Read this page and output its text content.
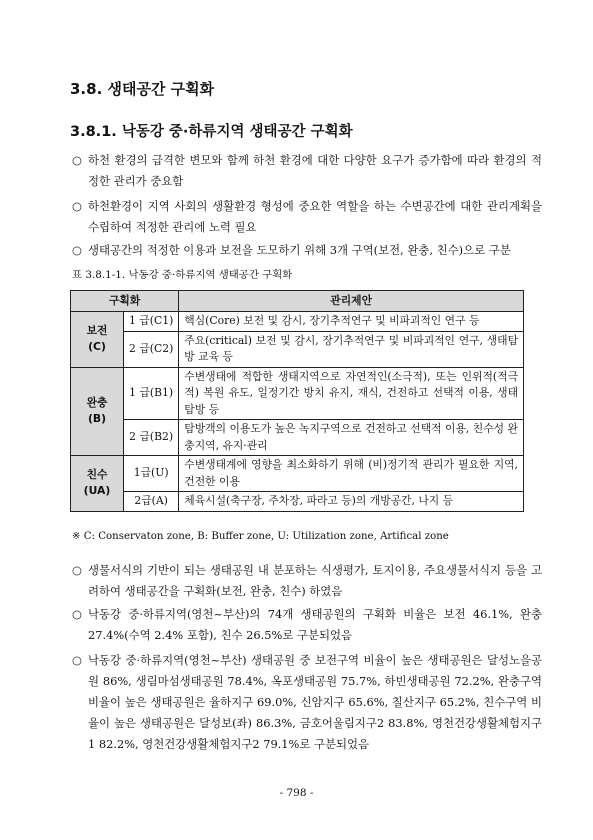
3.8. 생태공간 구획화
3.8.1. 낙동강 중·하류지역 생태공간 구획화
○ 하천 환경의 급격한 변모와 함께 하천 환경에 대한 다양한 요구가 증가함에 따라 환경의 적정한 관리가 중요함
○ 하천환경이 지역 사회의 생활환경 형성에 중요한 역할을 하는 수변공간에 대한 관리계획을 수립하여 적정한 관리에 노력 필요
○ 생태공간의 적정한 이용과 보전을 도모하기 위해 3개 구역(보전, 완충, 친수)으로 구분
표 3.8.1-1. 낙동강 중·하류지역 생태공간 구획화
구획화		관리제안

보전
(C)	1 급(C1)	핵심(Core) 보전 및 감시, 장기추적연구 및 비파괴적인 연구 등
	2 급(C2)	주요(critical) 보전 및 감시, 장기추적연구 및 비파괴적인 연구, 생태탐방 교육 등

완충
(B)	1 급(B1)	수변생태에 적합한 생태지역으로 자연적인(소극적), 또는 인위적(적극적) 복원 유도, 일정기간 방치 유지, 재식, 건전하고 선택적 이용, 생태탐방 등
	2 급(B2)	탐방객의 이용도가 높은 녹지구역으로 건전하고 선택적 이용, 친수성 완충지역, 유지·관리

친수
(UA)	1급(U)	수변생태계에 영향을 최소화하기 위해 (비)정기적 관리가 필요한 지역, 건전한 이용
	2급(A)	체육시설(축구장, 주차장, 파라고 등)의 개방공간, 나지 등
※ C: Conservaton zone, B: Buffer zone, U: Utilization zone, Artifical zone
○ 생물서식의 기반이 되는 생태공원 내 분포하는 식생평가, 토지이용, 주요생물서식지 등을 고려하여 생태공간을 구획화(보전, 완충, 친수) 하였음
○ 낙동강 중·하류지역(영천~부산)의 74개 생태공원의 구획화 비율은 보전 46.1%, 완충 27.4%(수역 2.4% 포함), 친수 26.5%로 구분되었음
○ 낙동강 중·하류지역(영천~부산) 생태공원 중 보전구역 비율이 높은 생태공원은 달성노을공원 86%, 생림마섬생태공원 78.4%, 옥포생태공원 75.7%, 하빈생태공원 72.2%, 완충구역 비율이 높은 생태공원은 율하지구 69.0%, 신암지구 65.6%, 칠산지구 65.2%, 친수구역 비율이 높은 생태공원은 달성보(좌) 86.3%, 금호어울림지구2 83.8%, 영천건강생활체험지구1 82.2%, 영천건강생활체험지구2 79.1%로 구분되었음
- 798 -
